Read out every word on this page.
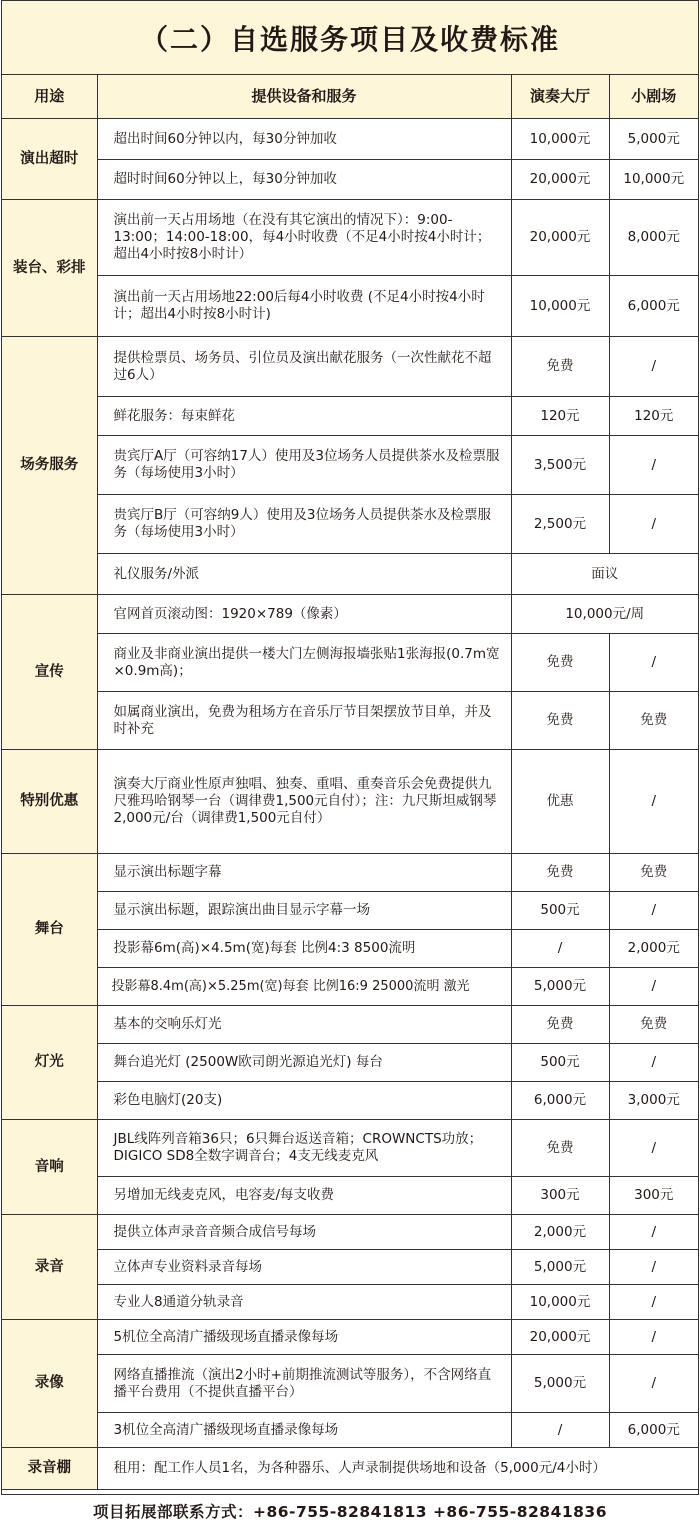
（二）自选服务项目及收费标准
用途	提供设备和服务	演奏大厅	小剧场
演出超时	超出时间60分钟以内，每30分钟加收	10,000元	5,000元
	超时时间60分钟以上，每30分钟加收	20,000元	10,000元
装台、彩排	演出前一天占用场地（在没有其它演出的情况下）：9:00-13:00；14:00-18:00，每4小时收费（不足4小时按4小时计；超出4小时按8小时计）	20,000元	8,000元
	演出前一天占用场地22:00后每4小时收费 (不足4小时按4小时计；超出4小时按8小时计)	10,000元	6,000元
场务服务	提供检票员、场务员、引位员及演出献花服务（一次性献花不超过6人）	免费	/
	鲜花服务：每束鲜花	120元	120元
	贵宾厅A厅（可容纳17人）使用及3位场务人员提供茶水及检票服务（每场使用3小时）	3,500元	/
	贵宾厅B厅（可容纳9人）使用及3位场务人员提供茶水及检票服务（每场使用3小时）	2,500元	/
	礼仪服务/外派	面议	
宣传	官网首页滚动图：1920×789（像素）	10,000元/周	
	商业及非商业演出提供一楼大门左侧海报墙张贴1张海报(0.7m宽×0.9m高)；	免费	/
	如属商业演出，免费为租场方在音乐厅节目架摆放节目单，并及时补充	免费	免费
特别优惠	演奏大厅商业性原声独唱、独奏、重唱、重奏音乐会免费提供九尺雅玛哈钢琴一台（调律费1,500元自付）；注：九尺斯坦威钢琴2,000元/台（调律费1,500元自付）	优惠	/
舞台	显示演出标题字幕	免费	免费
	显示演出标题，跟踪演出曲目显示字幕一场	500元	/
	投影幕6m(高)×4.5m(宽)每套 比例4:3 8500流明	/	2,000元
	投影幕8.4m(高)×5.25m(宽)每套 比例16:9 25000流明 激光	5,000元	/
灯光	基本的交响乐灯光	免费	免费
	舞台追光灯 (2500W欧司朗光源追光灯) 每台	500元	/
	彩色电脑灯(20支)	6,000元	3,000元
音响	JBL线阵列音箱36只；6只舞台返送音箱；CROWNCTS功放；DIGICO SD8全数字调音台；4支无线麦克风	免费	/
	另增加无线麦克风，电容麦/每支收费	300元	300元
录音	提供立体声录音音频合成信号每场	2,000元	/
	立体声专业资料录音每场	5,000元	/
	专业人8通道分轨录音	10,000元	/
录像	5机位全高清广播级现场直播录像每场	20,000元	/
	网络直播推流（演出2小时+前期推流测试等服务），不含网络直播平台费用（不提供直播平台）	5,000元	/
	3机位全高清广播级现场直播录像每场	/	6,000元
录音棚	租用：配工作人员1名，为各种器乐、人声录制提供场地和设备（5,000元/4小时）		
项目拓展部联系方式：+86-755-82841813 +86-755-82841836
